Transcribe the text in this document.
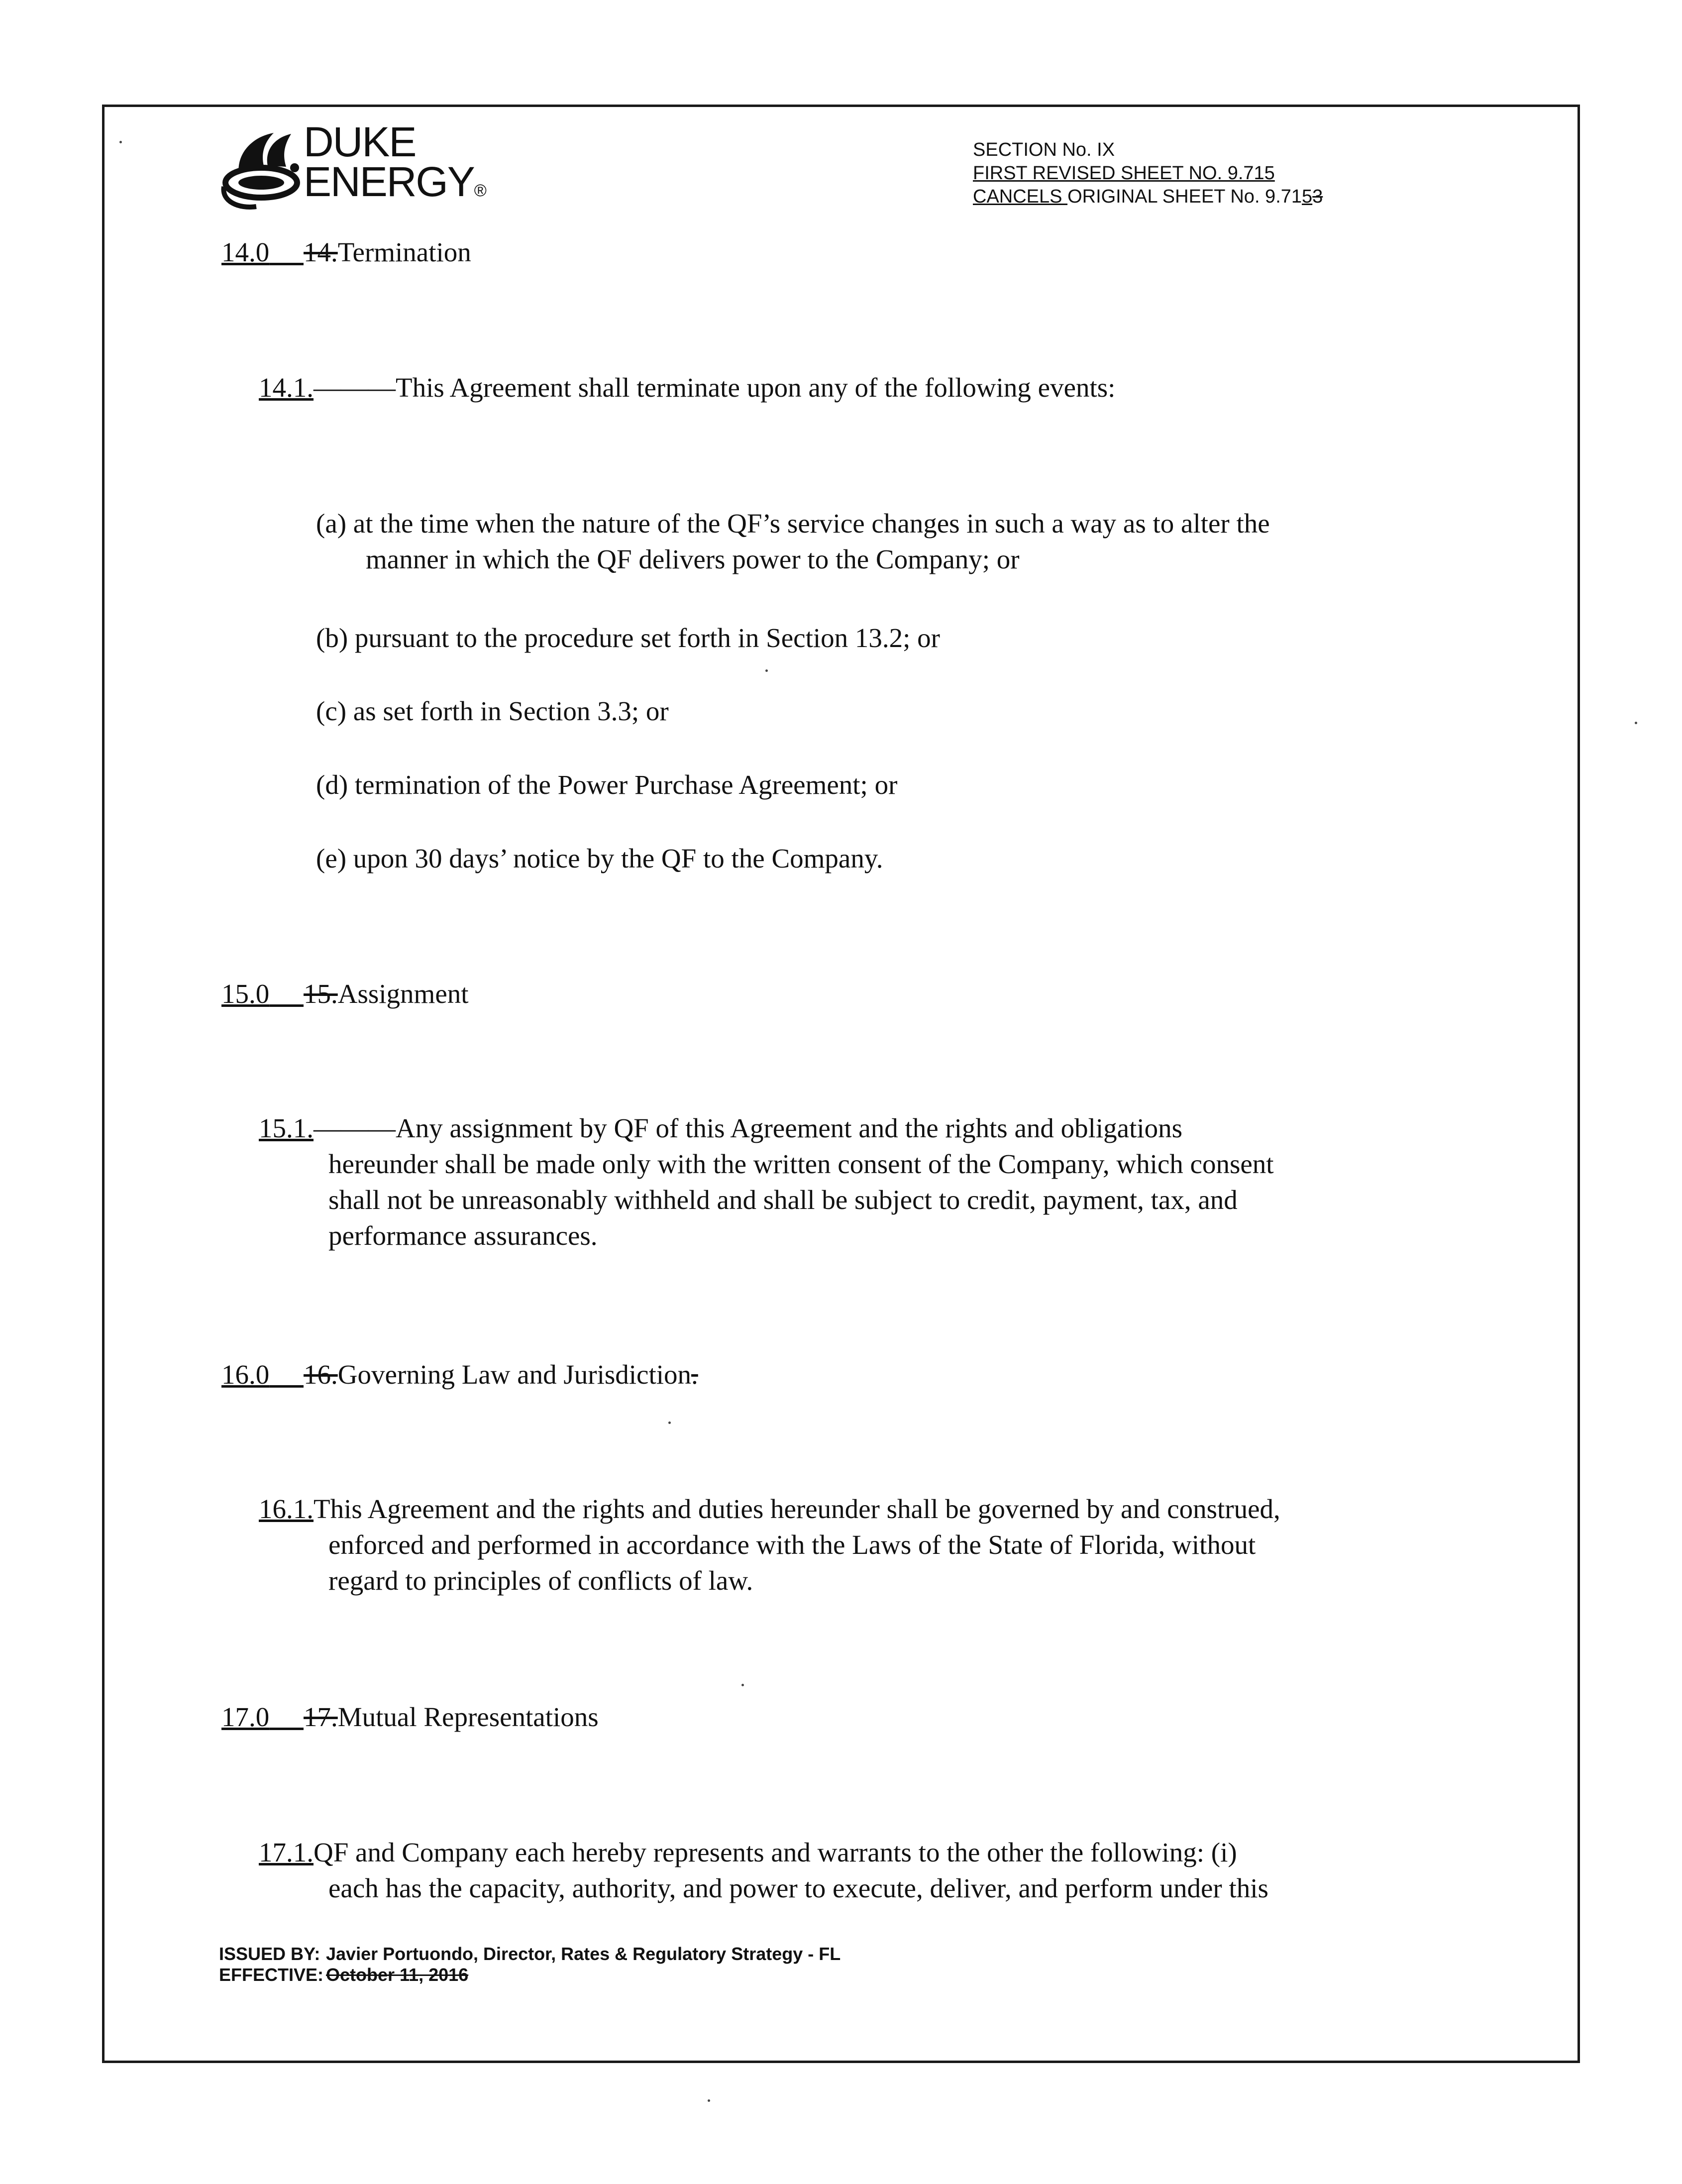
DUKE
ENERGY®
SECTION No. IX
FIRST REVISED SHEET NO. 9.715
CANCELS ORIGINAL SHEET No. 9.7153
14.0 14.Termination
14.1.———This Agreement shall terminate upon any of the following events:
(a) at the time when the nature of the QF’s service changes in such a way as to alter the
manner in which the QF delivers power to the Company; or
(b) pursuant to the procedure set forth in Section 13.2; or
(c) as set forth in Section 3.3; or
(d) termination of the Power Purchase Agreement; or
(e) upon 30 days’ notice by the QF to the Company.
15.0 15.Assignment
15.1.———Any assignment by QF of this Agreement and the rights and obligations
hereunder shall be made only with the written consent of the Company, which consent
shall not be unreasonably withheld and shall be subject to credit, payment, tax, and
performance assurances.
16.0 16.Governing Law and Jurisdiction.
16.1.This Agreement and the rights and duties hereunder shall be governed by and construed,
enforced and performed in accordance with the Laws of the State of Florida, without
regard to principles of conflicts of law.
17.0 17.Mutual Representations
17.1.QF and Company each hereby represents and warrants to the other the following: (i)
each has the capacity, authority, and power to execute, deliver, and perform under this
ISSUED BY: Javier Portuondo, Director, Rates & Regulatory Strategy - FL
EFFECTIVE: October 11, 2016
